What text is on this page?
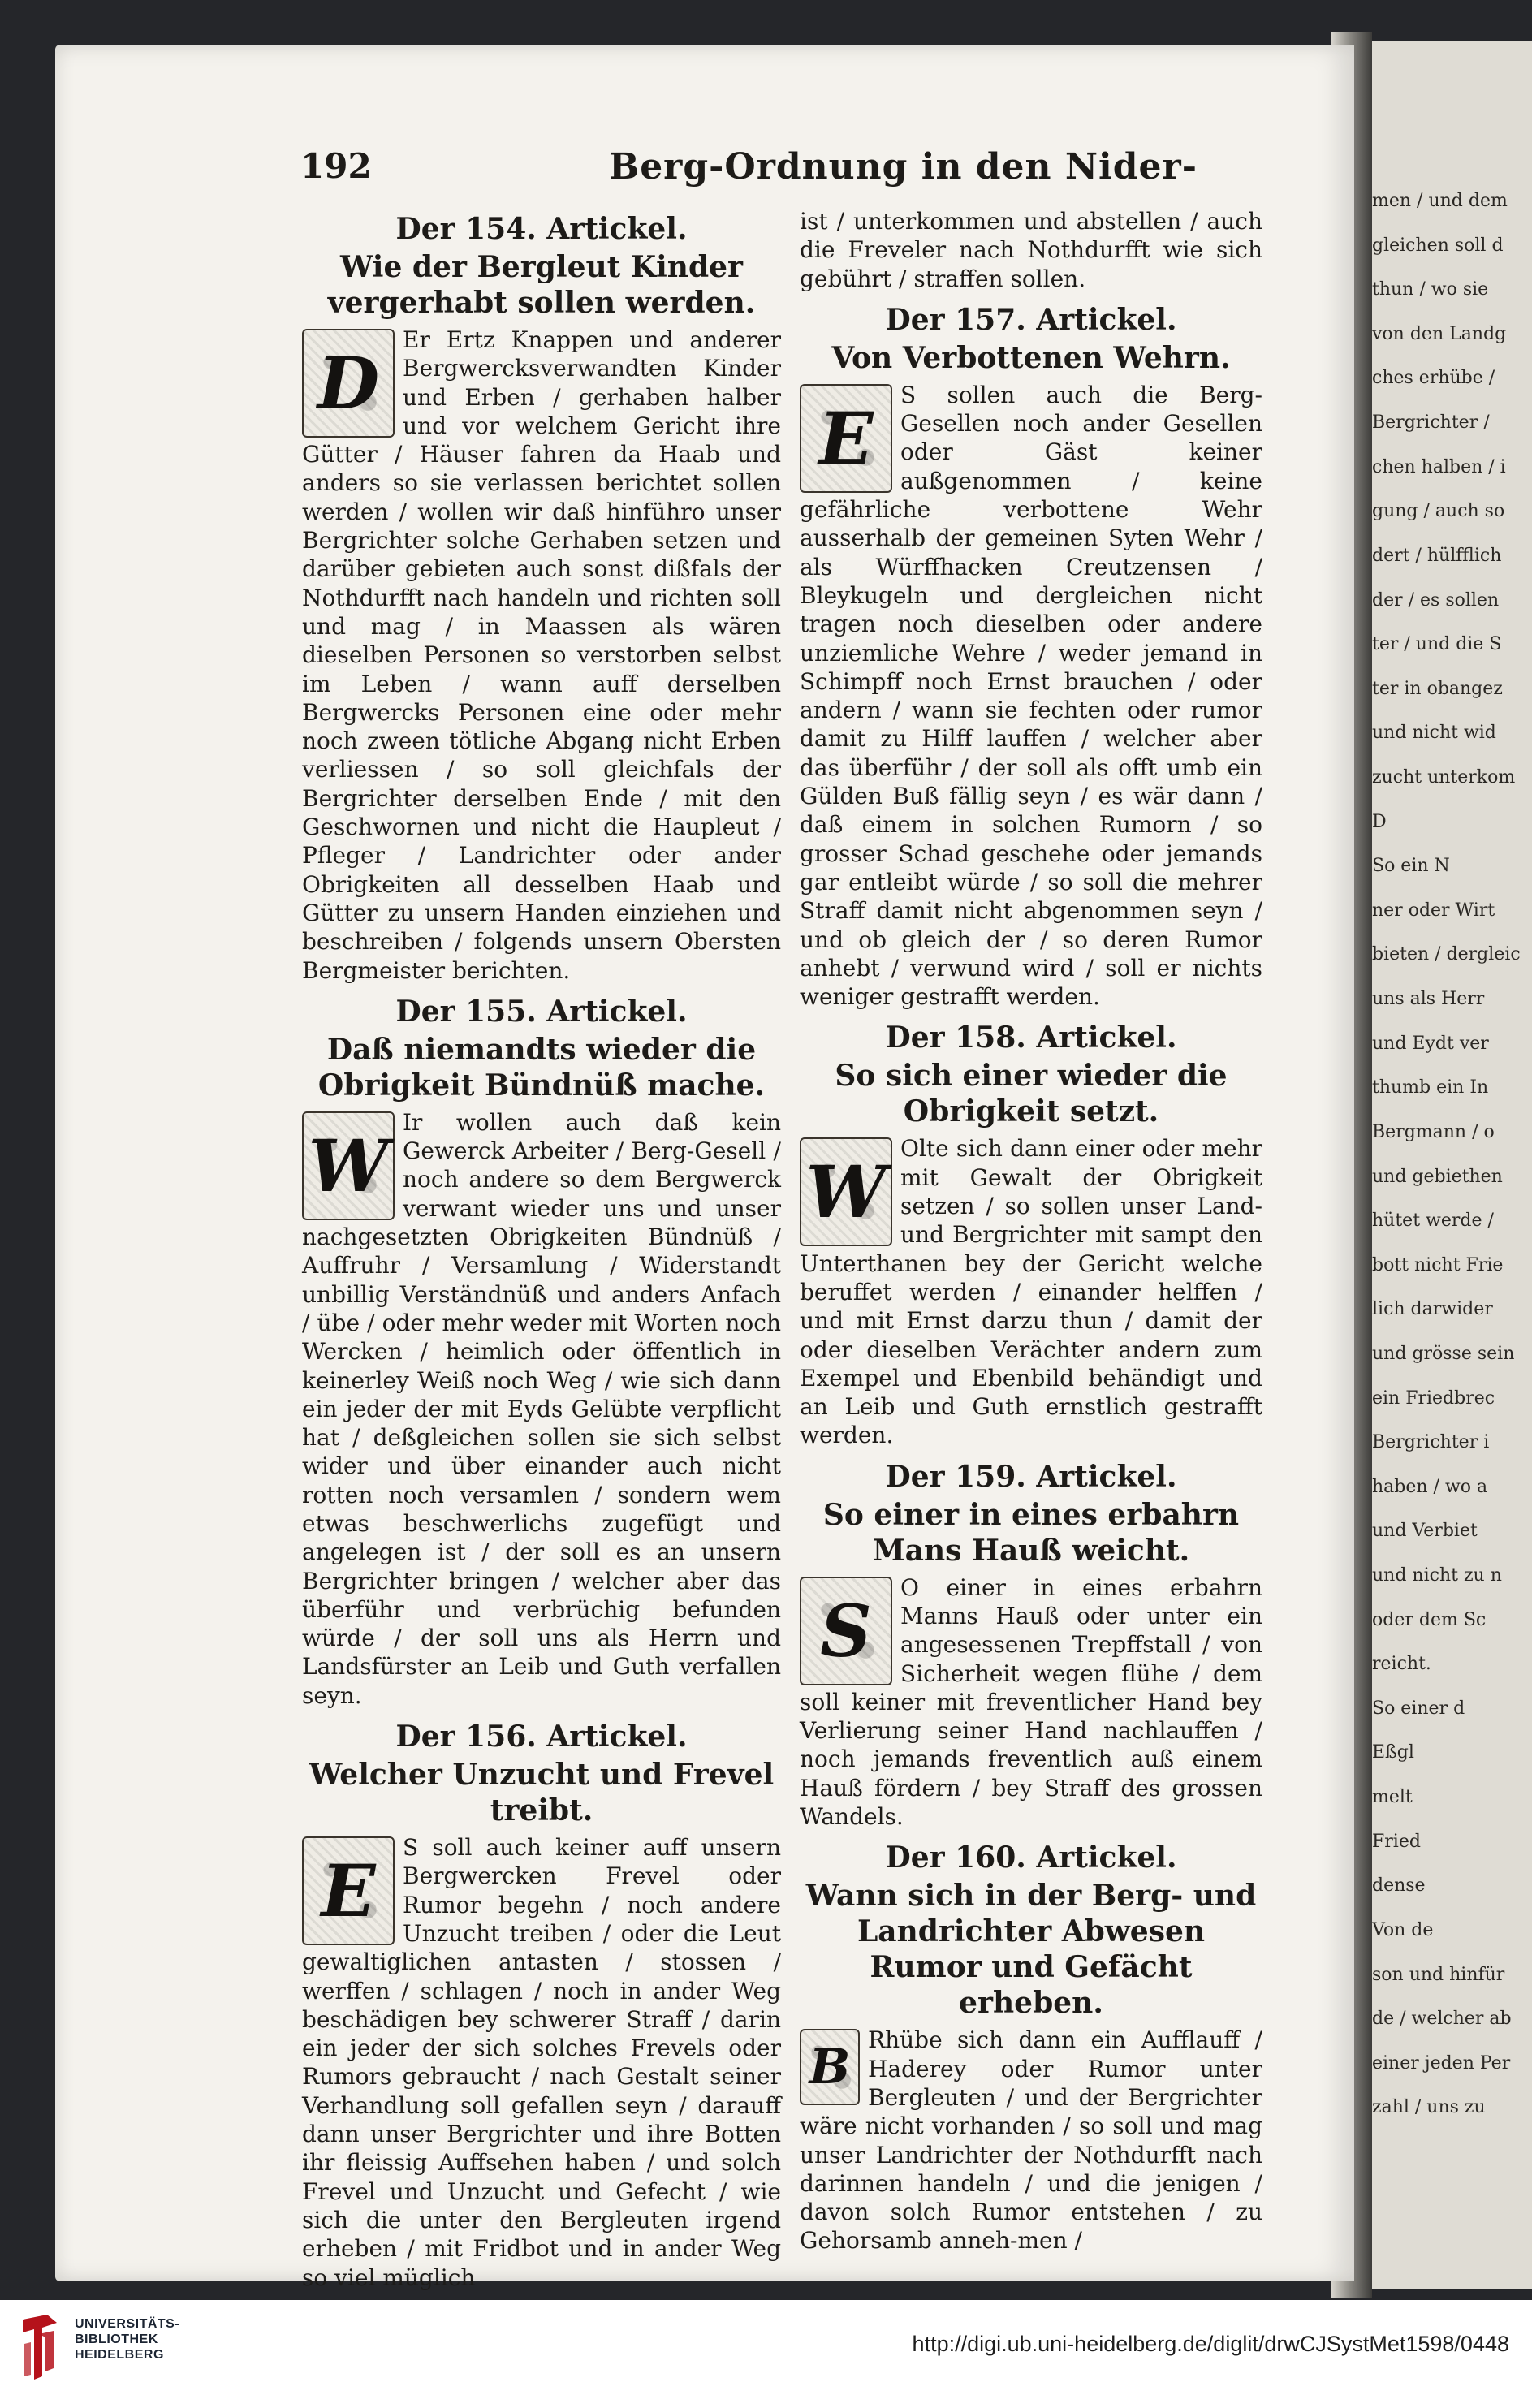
men / und dem
gleichen soll d
thun / wo sie
von den Landg
ches erhübe /
Bergrichter /
chen halben / i
gung / auch so
dert / hülfflich
der / es sollen
ter / und die S
ter in obangez
und nicht wid
zucht unterkom
D
So ein N
ner oder Wirt
bieten / dergleic
uns als Herr
und Eydt ver
thumb ein In
Bergmann / o
und gebiethen
hütet werde /
bott nicht Frie
lich darwider
und grösse sein
ein Friedbrec
Bergrichter i
haben / wo a
und Verbiet
und nicht zu n
oder dem Sc
reicht.
So einer d
Eßgl
melt
Fried
dense
Von de
son und hinfür
de / welcher ab
einer jeden Per
zahl / uns zu
192	Berg-Ordnung in den Nider-
Der 154. Artickel.
Wie der Bergleut Kinder vergerhabt sollen werden.

D
Er Ertz Knappen und anderer Bergwercksverwandten Kinder und Erben / gerhaben halber und vor welchem Gericht ihre Gütter / Häuser fahren da Haab und anders so sie verlassen berichtet sollen werden / wollen wir daß hinführo unser Bergrichter solche Gerhaben setzen und darüber gebieten auch sonst dißfals der Nothdurfft nach handeln und richten soll und mag / in Maassen als wären dieselben Personen so verstorben selbst im Leben / wann auff derselben Bergwercks Personen eine oder mehr noch zween tötliche Abgang nicht Erben verliessen / so soll gleichfals der Bergrichter derselben Ende / mit den Geschwornen und nicht die Haupleut / Pfleger / Landrichter oder ander Obrigkeiten all desselben Haab und Gütter zu unsern Handen einziehen und beschreiben / folgends unsern Obersten Bergmeister berichten.

Der 155. Artickel.
Daß niemandts wieder die Obrigkeit Bündnüß mache.

W
Ir wollen auch daß kein Gewerck Arbeiter / Berg-Gesell / noch andere so dem Bergwerck verwant wieder uns und unser nachgesetzten Obrigkeiten Bündnüß / Auffruhr / Versamlung / Widerstandt unbillig Verständnüß und anders Anfach / übe / oder mehr weder mit Worten noch Wercken / heimlich oder öffentlich in keinerley Weiß noch Weg / wie sich dann ein jeder der mit Eyds Gelübte verpflicht hat / deßgleichen sollen sie sich selbst wider und über einander auch nicht rotten noch versamlen / sondern wem etwas beschwerlichs zugefügt und angelegen ist / der soll es an unsern Bergrichter bringen / welcher aber das überführ und verbrüchig befunden würde / der soll uns als Herrn und Landsfürster an Leib und Guth verfallen seyn.

Der 156. Artickel.
Welcher Unzucht und Frevel treibt.

E
S soll auch keiner auff unsern Bergwercken Frevel oder Rumor begehn / noch andere Unzucht treiben / oder die Leut gewaltiglichen antasten / stossen / werffen / schlagen / noch in ander Weg beschädigen bey schwerer Straff / darin ein jeder der sich solches Frevels oder Rumors gebraucht / nach Gestalt seiner Verhandlung soll gefallen seyn / darauff dann unser Bergrichter und ihre Botten ihr fleissig Auffsehen haben / und solch Frevel und Unzucht und Gefecht / wie sich die unter den Bergleuten irgend erheben / mit Fridbot und in ander Weg so viel müglich

ist / unterkommen und abstellen / auch die Freveler nach Nothdurfft wie sich gebührt / straffen sollen.

Der 157. Artickel.
Von Verbottenen Wehrn.

E
S sollen auch die Berg-Gesellen noch ander Gesellen oder Gäst keiner außgenommen / keine gefährliche verbottene Wehr ausserhalb der gemeinen Syten Wehr / als Würffhacken Creutzensen / Bleykugeln und dergleichen nicht tragen noch dieselben oder andere unziemliche Wehre / weder jemand in Schimpff noch Ernst brauchen / oder andern / wann sie fechten oder rumor damit zu Hilff lauffen / welcher aber das überführ / der soll als offt umb ein Gülden Buß fällig seyn / es wär dann / daß einem in solchen Rumorn / so grosser Schad geschehe oder jemands gar entleibt würde / so soll die mehrer Straff damit nicht abgenommen seyn / und ob gleich der / so deren Rumor anhebt / verwund wird / soll er nichts weniger gestrafft werden.

Der 158. Artickel.
So sich einer wieder die Obrigkeit setzt.

W
Olte sich dann einer oder mehr mit Gewalt der Obrigkeit setzen / so sollen unser Land- und Bergrichter mit sampt den Unterthanen bey der Gericht welche beruffet werden / einander helffen / und mit Ernst darzu thun / damit der oder dieselben Verächter andern zum Exempel und Ebenbild behändigt und an Leib und Guth ernstlich gestrafft werden.

Der 159. Artickel.
So einer in eines erbahrn Mans Hauß weicht.

S
O einer in eines erbahrn Manns Hauß oder unter ein angesessenen Trepffstall / von Sicherheit wegen flühe / dem soll keiner mit freventlicher Hand bey Verlierung seiner Hand nachlauffen / noch jemands freventlich auß einem Hauß fördern / bey Straff des grossen Wandels.

Der 160. Artickel.
Wann sich in der Berg- und Landrichter Abwesen Rumor und Gefächt erheben.

B Rhübe sich dann ein Aufflauff / Haderey oder Rumor unter Bergleuten / und der Bergrichter wäre nicht vorhanden / so soll und mag unser Landrichter der Nothdurfft nach darinnen handeln / und die jenigen / davon solch Rumor entstehen / zu Gehorsamb anneh-men /

UNIVERSITÄTS-
BIBLIOTHEK
HEIDELBERG	http://digi.ub.uni-heidelberg.de/diglit/drwCJSystMet1598/0448
